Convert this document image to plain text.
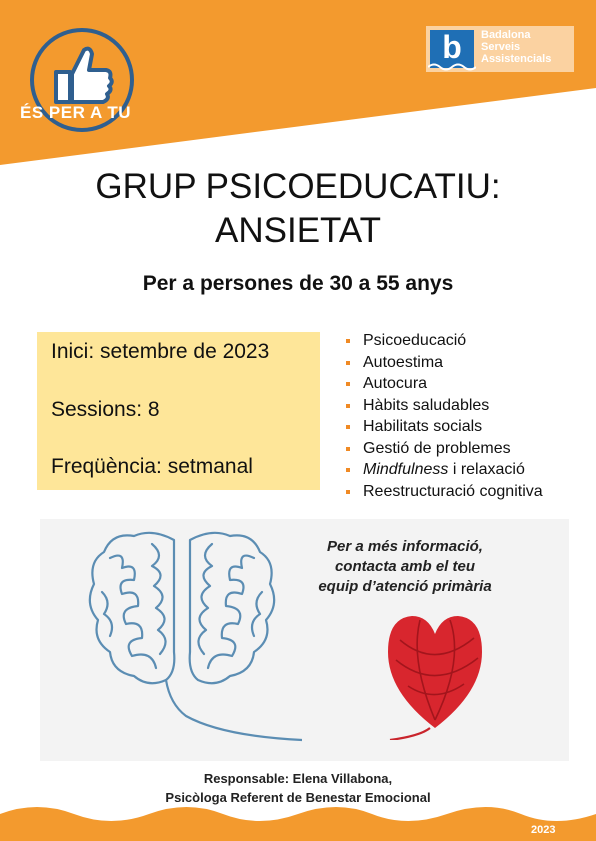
ÉS PER A TU
b	Badalona
Serveis
Assistencials
GRUP PSICOEDUCATIU:
ANSIETAT
Per a persones de 30 a 55 anys
Inici: setembre de 2023
Sessions: 8
Freqüència: setmanal
Psicoeducació
Autoestima
Autocura
Hàbits saludables
Habilitats socials
Gestió de problemes
Mindfulness i relaxació
Reestructuració cognitiva
Per a més informació,
contacta amb el teu
equip d’atenció primària
Responsable: Elena Villabona,
Psicòloga Referent de Benestar Emocional
2023
